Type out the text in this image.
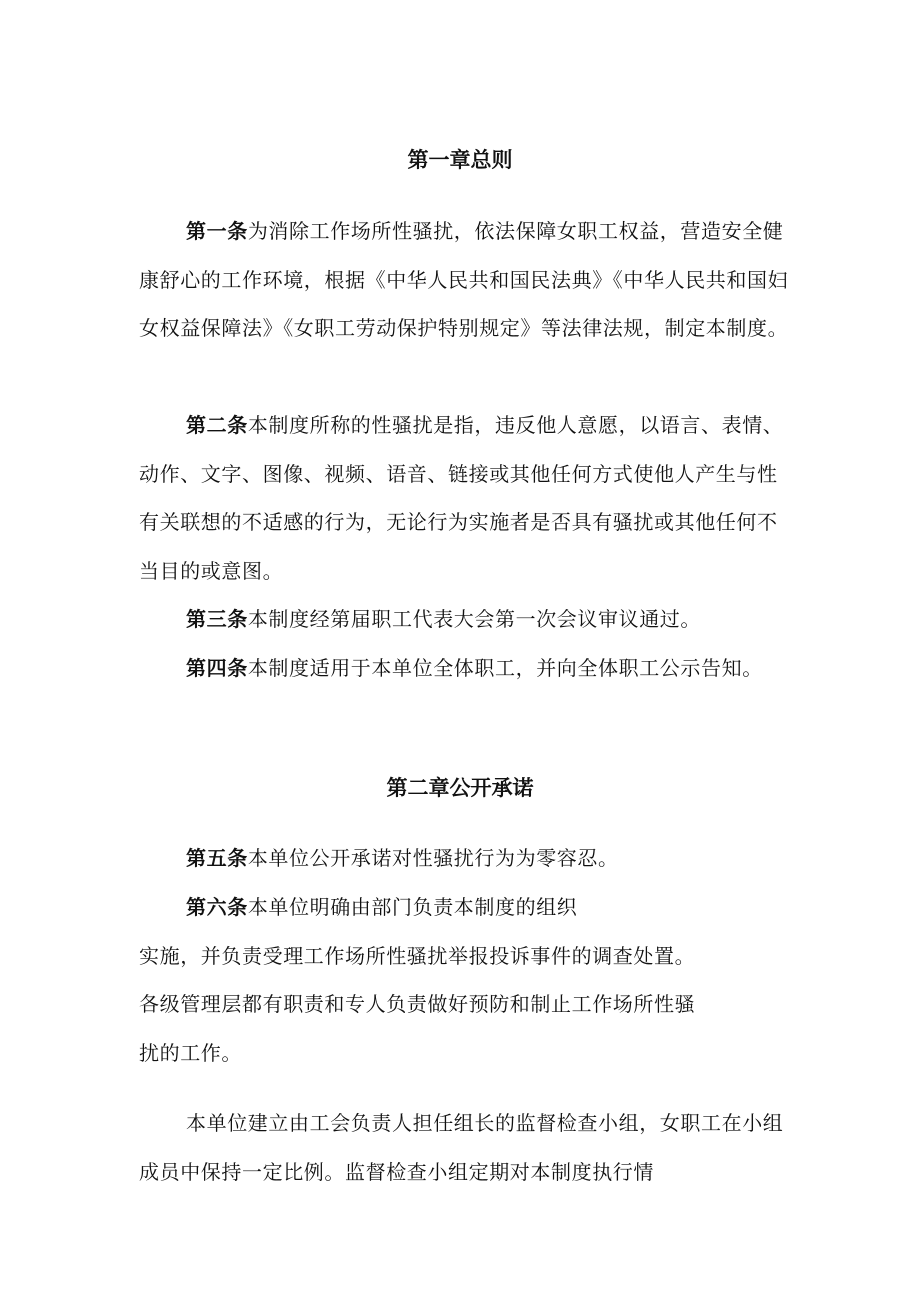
第一章总则

第一条为消除工作场所性骚扰，依法保障女职工权益，营造安全健康舒心的工作环境，根据《中华人民共和国民法典》《中华人民共和国妇女权益保障法》《女职工劳动保护特别规定》等法律法规，制定本制度。

第二条本制度所称的性骚扰是指，违反他人意愿，以语言、表情、动作、文字、图像、视频、语音、链接或其他任何方式使他人产生与性有关联想的不适感的行为，无论行为实施者是否具有骚扰或其他任何不当目的或意图。

第三条本制度经第届职工代表大会第一次会议审议通过。

第四条本制度适用于本单位全体职工，并向全体职工公示告知。

第二章公开承诺

第五条本单位公开承诺对性骚扰行为为零容忍。

第六条本单位明确由部门负责本制度的组织
实施，并负责受理工作场所性骚扰举报投诉事件的调查处置。
各级管理层都有职责和专人负责做好预防和制止工作场所性骚
扰的工作。

本单位建立由工会负责人担任组长的监督检查小组，女职工在小组成员中保持一定比例。监督检查小组定期对本制度执行情
